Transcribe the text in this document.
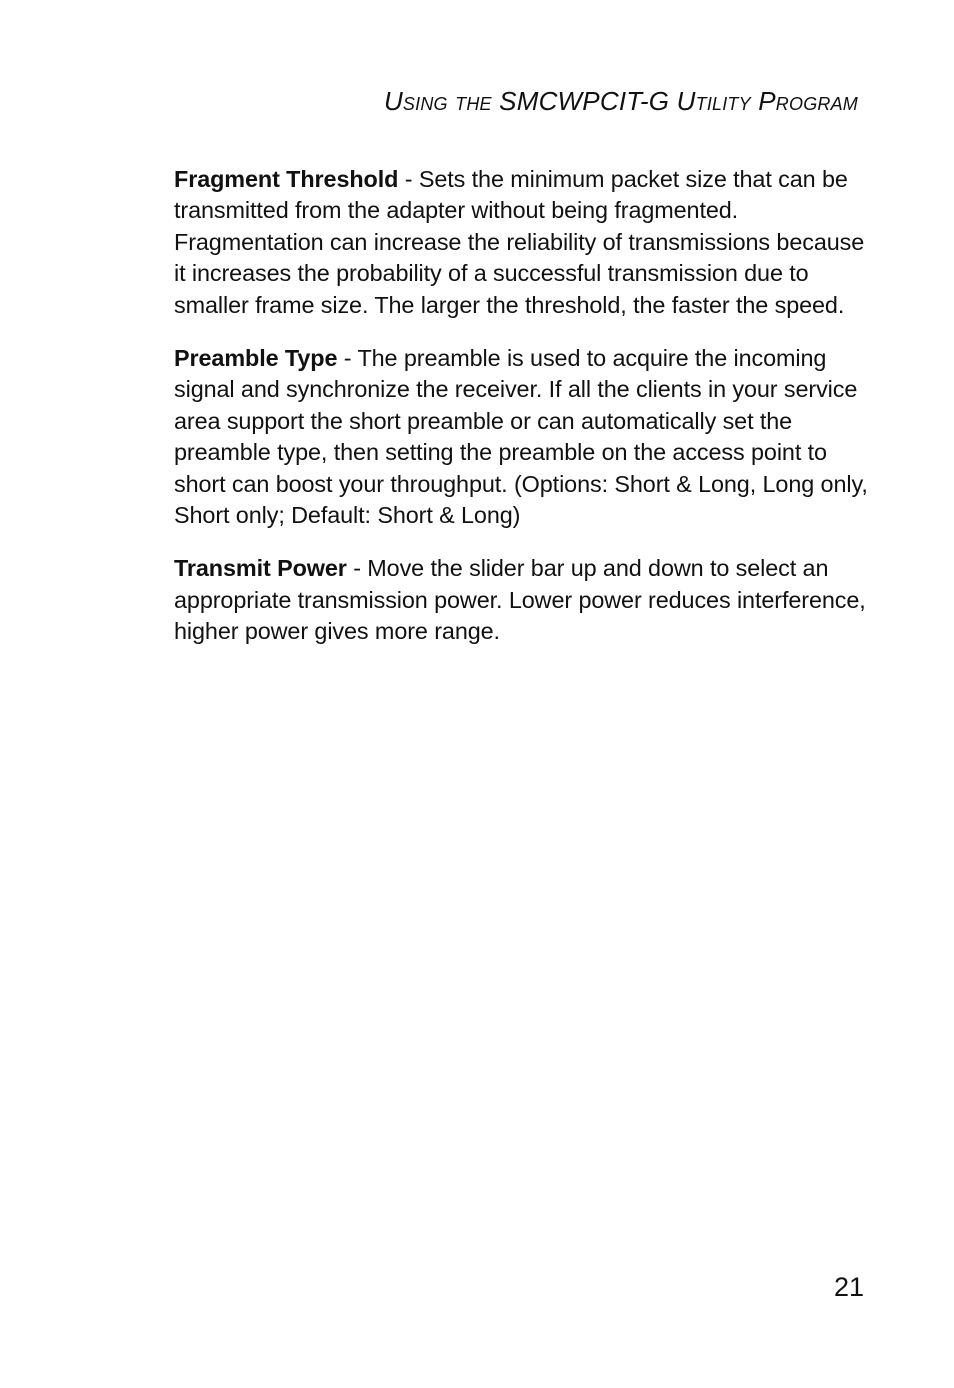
Using the SMCWPCIT-G Utility Program

Fragment Threshold - Sets the minimum packet size that can be transmitted from the adapter without being fragmented. Fragmentation can increase the reliability of transmissions because it increases the probability of a successful transmission due to smaller frame size. The larger the threshold, the faster the speed.

Preamble Type - The preamble is used to acquire the incoming signal and synchronize the receiver. If all the clients in your service area support the short preamble or can automatically set the preamble type, then setting the preamble on the access point to short can boost your throughput. (Options: Short & Long, Long only, Short only; Default: Short & Long)

Transmit Power - Move the slider bar up and down to select an appropriate transmission power. Lower power reduces interference, higher power gives more range.

21
